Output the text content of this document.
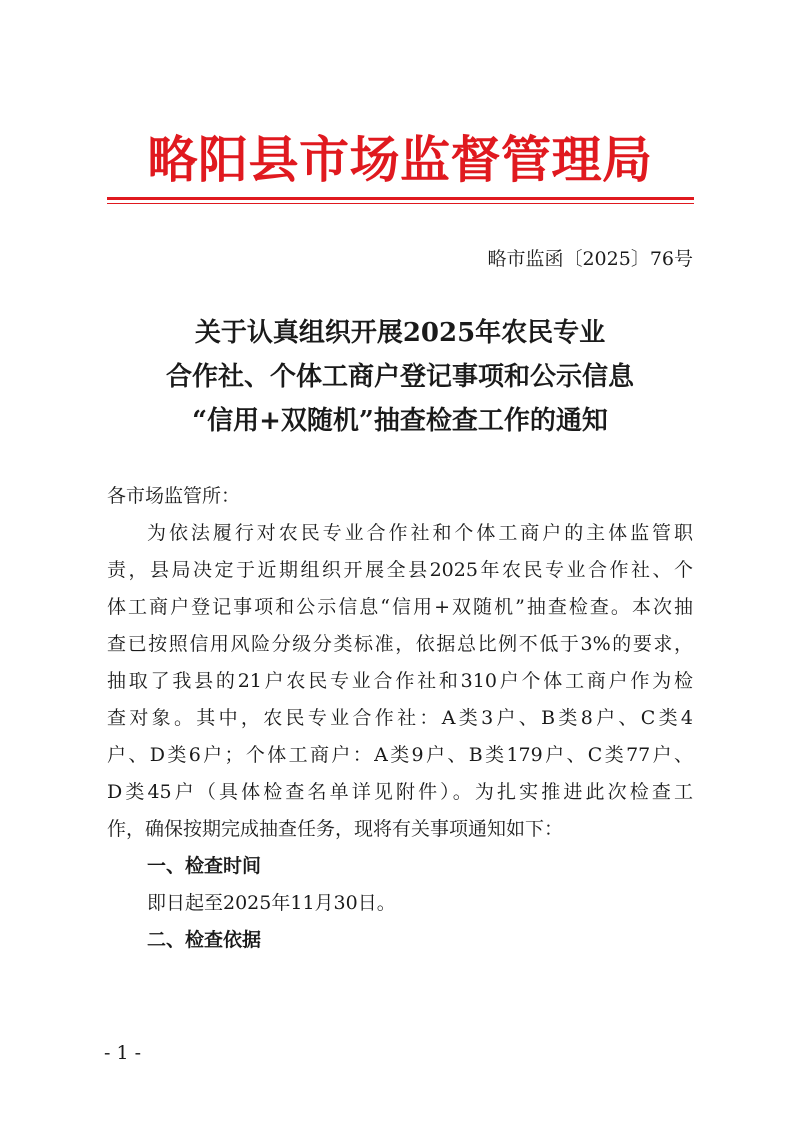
略阳县市场监督管理局
略市监函〔2025〕76号
关于认真组织开展2025年农民专业
合作社、个体工商户登记事项和公示信息
“信用+双随机”抽查检查工作的通知
各市场监管所：
为依法履行对农民专业合作社和个体工商户的主体监管职
责，县局决定于近期组织开展全县2025年农民专业合作社、个
体工商户登记事项和公示信息“信用+双随机”抽查检查。本次抽
查已按照信用风险分级分类标准，依据总比例不低于3%的要求，
抽取了我县的21户农民专业合作社和310户个体工商户作为检
查对象。其中，农民专业合作社：A类3户、B类8户、C类4
户、D类6户；个体工商户：A类9户、B类179户、C类77户、
D类45户（具体检查名单详见附件）。为扎实推进此次检查工
作，确保按期完成抽查任务，现将有关事项通知如下：
一、检查时间
即日起至2025年11月30日。
二、检查依据
- 1 -
